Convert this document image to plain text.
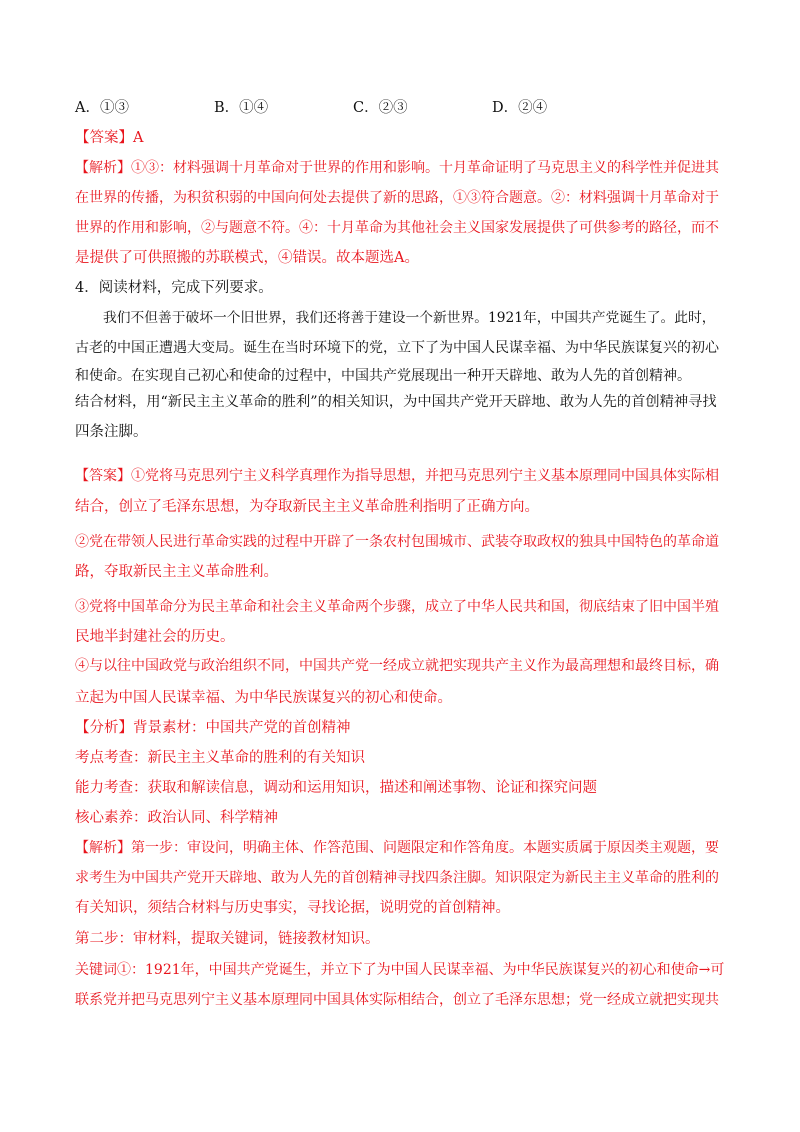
A．①③	B．①④	C．②③	D．②④
【答案】A
【解析】①③：材料强调十月革命对于世界的作用和影响。十月革命证明了马克思主义的科学性并促进其
在世界的传播，为积贫积弱的中国向何处去提供了新的思路，①③符合题意。②：材料强调十月革命对于
世界的作用和影响，②与题意不符。④：十月革命为其他社会主义国家发展提供了可供参考的路径，而不
是提供了可供照搬的苏联模式，④错误。故本题选A。
4．阅读材料，完成下列要求。
我们不但善于破坏一个旧世界，我们还将善于建设一个新世界。1921年，中国共产党诞生了。此时，
古老的中国正遭遇大变局。诞生在当时环境下的党，立下了为中国人民谋幸福、为中华民族谋复兴的初心
和使命。在实现自己初心和使命的过程中，中国共产党展现出一种开天辟地、敢为人先的首创精神。
结合材料，用“新民主主义革命的胜利”的相关知识，为中国共产党开天辟地、敢为人先的首创精神寻找
四条注脚。
【答案】①党将马克思列宁主义科学真理作为指导思想，并把马克思列宁主义基本原理同中国具体实际相
结合，创立了毛泽东思想，为夺取新民主主义革命胜利指明了正确方向。
②党在带领人民进行革命实践的过程中开辟了一条农村包围城市、武装夺取政权的独具中国特色的革命道
路，夺取新民主主义革命胜利。
③党将中国革命分为民主革命和社会主义革命两个步骤，成立了中华人民共和国，彻底结束了旧中国半殖
民地半封建社会的历史。
④与以往中国政党与政治组织不同，中国共产党一经成立就把实现共产主义作为最高理想和最终目标，确
立起为中国人民谋幸福、为中华民族谋复兴的初心和使命。
【分析】背景素材：中国共产党的首创精神
考点考查：新民主主义革命的胜利的有关知识
能力考查：获取和解读信息，调动和运用知识，描述和阐述事物、论证和探究问题
核心素养：政治认同、科学精神
【解析】第一步：审设问，明确主体、作答范围、问题限定和作答角度。本题实质属于原因类主观题，要
求考生为中国共产党开天辟地、敢为人先的首创精神寻找四条注脚。知识限定为新民主主义革命的胜利的
有关知识，须结合材料与历史事实，寻找论据，说明党的首创精神。
第二步：审材料，提取关键词，链接教材知识。
关键词①：1921年，中国共产党诞生，并立下了为中国人民谋幸福、为中华民族谋复兴的初心和使命→可
联系党并把马克思列宁主义基本原理同中国具体实际相结合，创立了毛泽东思想；党一经成立就把实现共
